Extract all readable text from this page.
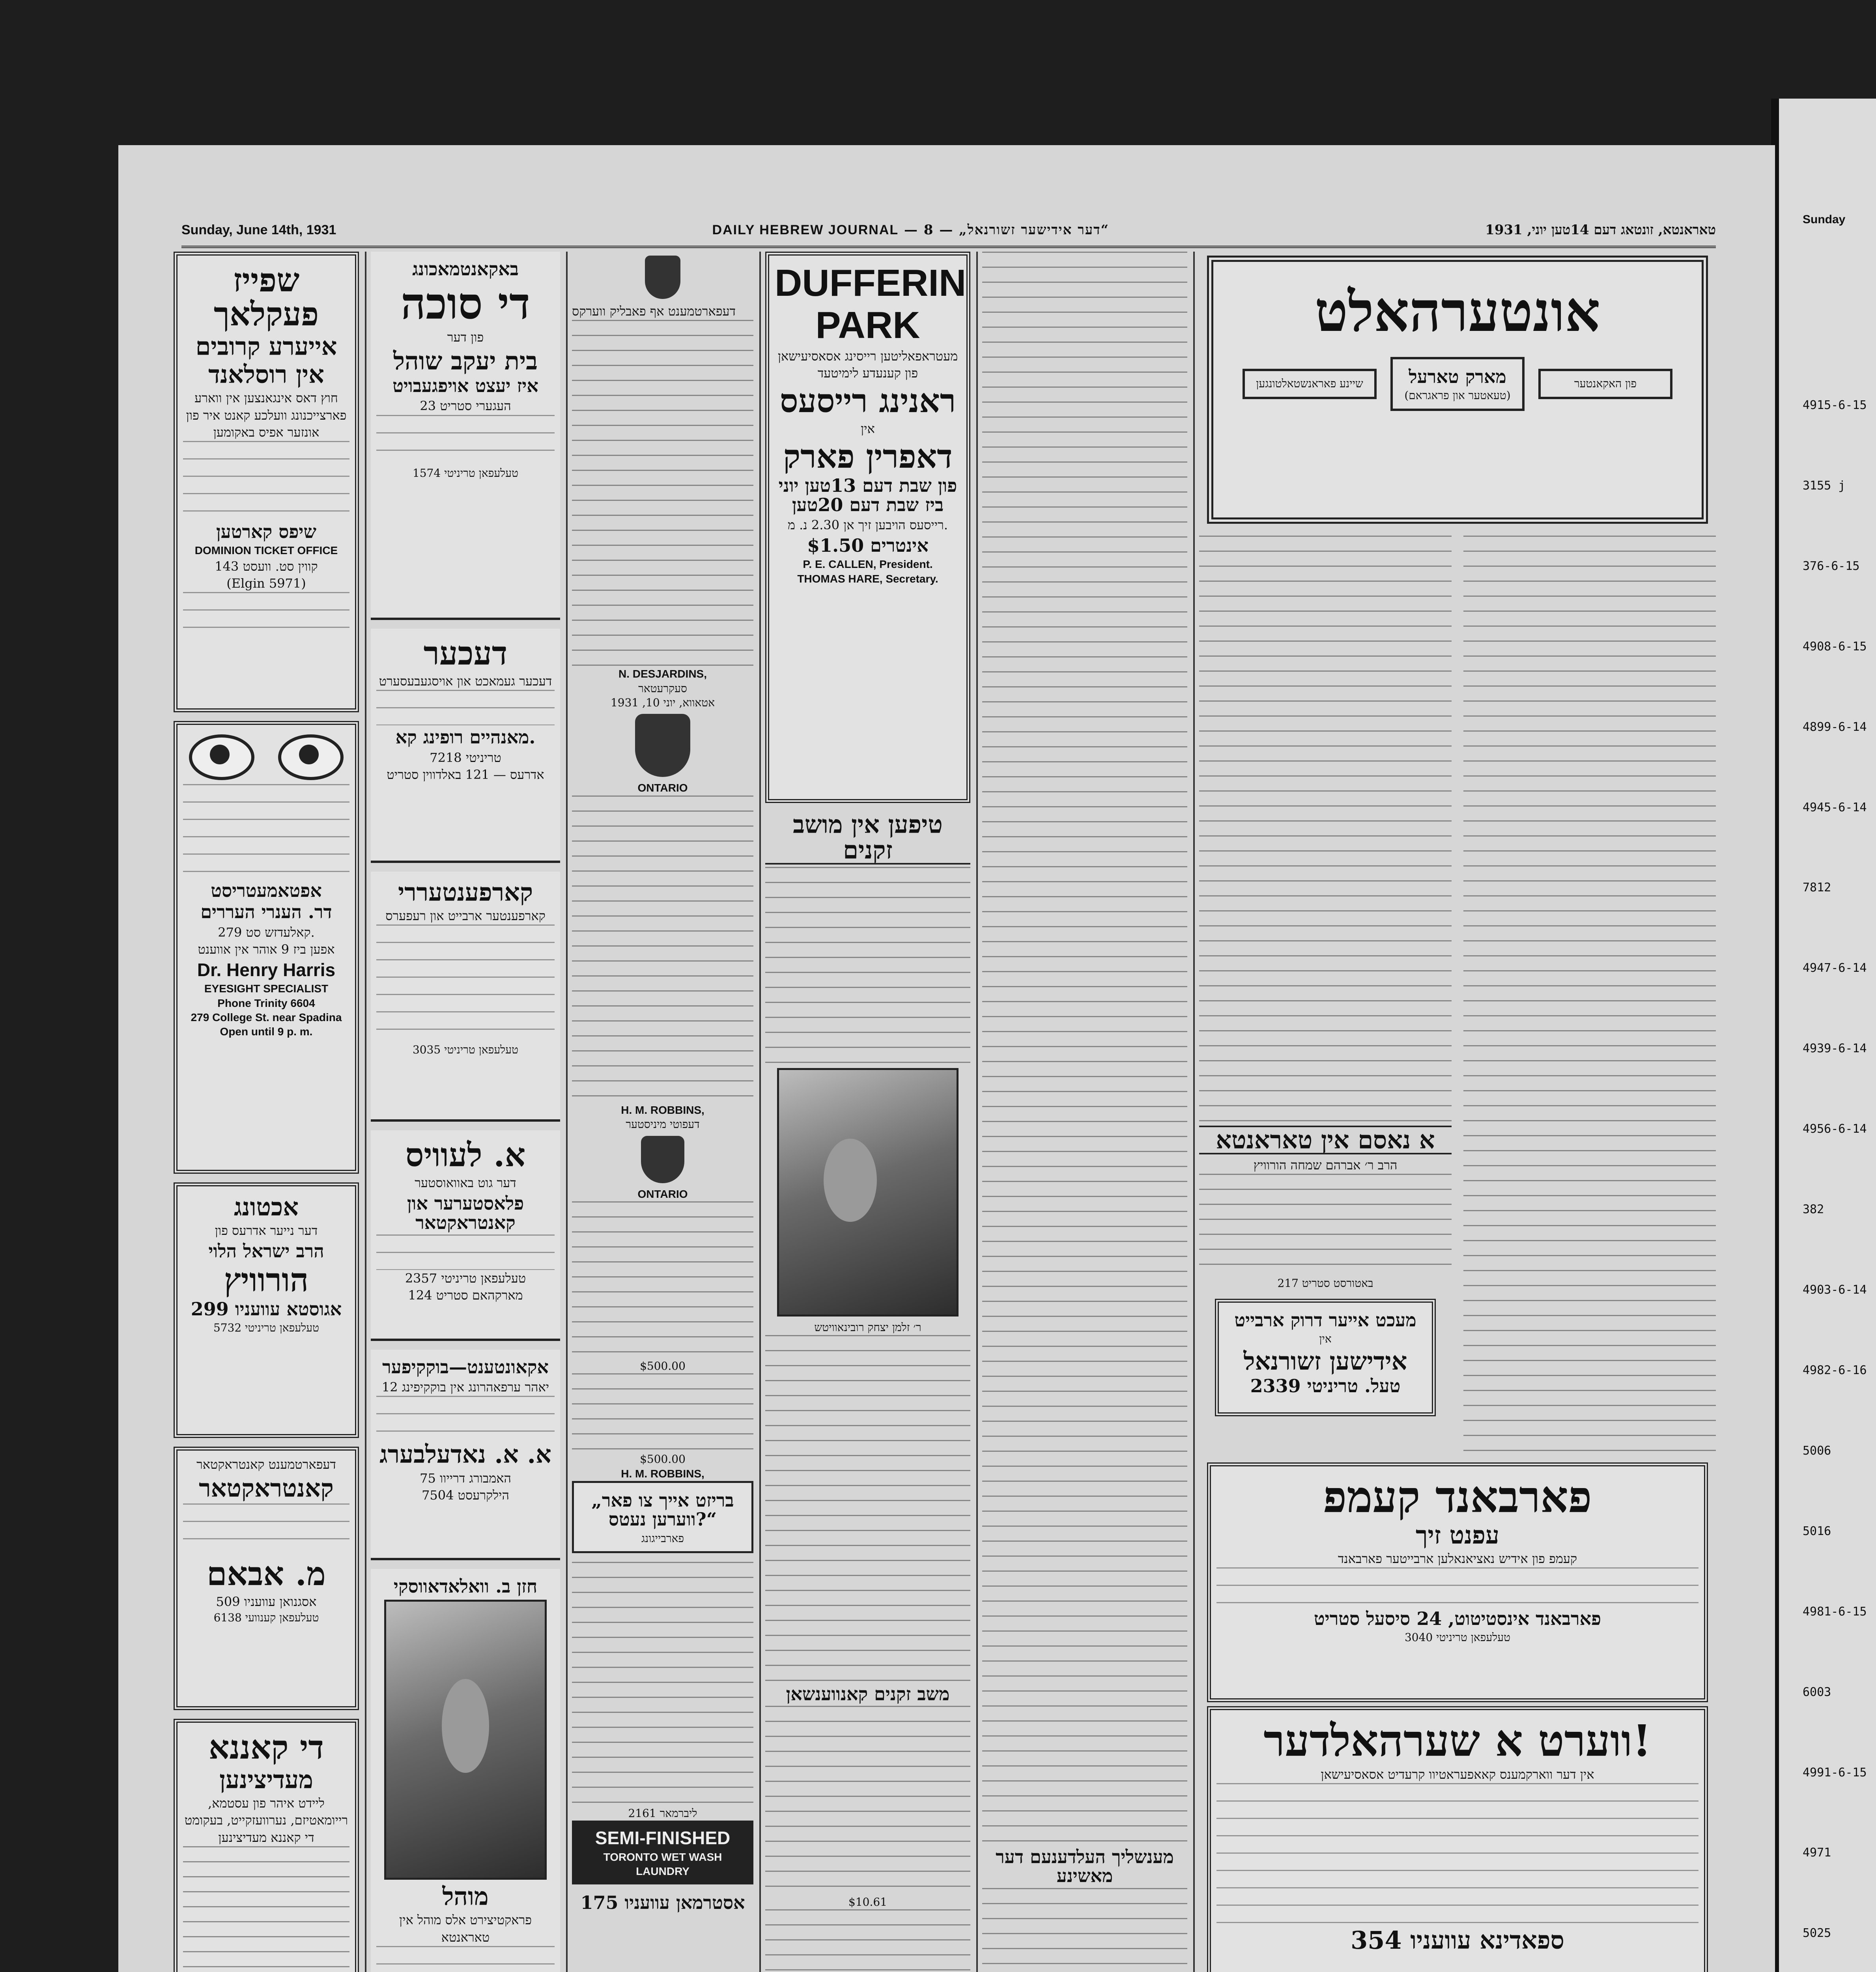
Sunday
4915-6-15
3155 j
376-6-15
4908-6-15
4899-6-14
4945-6-14
7812
4947-6-14
4939-6-14
4956-6-14
382
4903-6-14
4982-6-16
5006
5016
4981-6-15
6003
4991-6-15
4971
5025
Sunday, June 14th, 1931	DAILY HEBREW JOURNAL — 8 — „דער אידישער זשורנאל“	טאראנטא, זונטאג דעם 14טען יוני, 1931
שפייז פעקלאך
אייערע קרובים
אין רוסלאנד
חוץ דאס אינגאנצען אין ווארע פארצייכנונג וועלכע קאנט איר פון אונזער אפיס באקומען
שיפס קארטען
DOMINION TICKET OFFICE
143 קווין סט. וועסט
(Elgin 5971)
אפטאמעטריסט
דר. הענרי העררים
279 קאלעדזש סט.
אפען ביז 9 אוהר אין אווענט
Dr. Henry Harris
EYESIGHT SPECIALIST
Phone Trinity 6604
279 College St. near Spadina
Open until 9 p. m.
אכטונג
דער נייער אדרעס פון
הרב ישראל הלוי
הורוויץ
299 אגוסטא עוועניו
טעלעפאן טריניטי 5732
דעפארטמענט קאנטראקטאר
קאנטראקטאר
מ. אבאם
509 אסגנואן עוועניו
טעלעפאן קענוועי 6138
די קאננא
מעדיצינען
ליידט איהר פון עסטמא, רייומאטיזם, נערוועזקייט, בעקומט די קאננא מעדיצינען
באקאנטמאכונג
די סוכה
פון דער
בית יעקב שוהל
איז יעצט אויפגעבויט
23 העגערי סטריט
טעלעפאן טריניטי 1574
דעכער
דעכער געמאכט און אויסגעבעסערט
מאנהיים רופינג קא.
טריניטי 7218
אדרעס — 121 באלדווין סטריט
קארפענטעררי
קארפענטער ארבייט און רעפערס
טעלעפאן טריניטי 3035
א. לעוויס
דער גוט באוואוסטער
פלאסטערער און קאנטראקטאר
טעלעפאן טריניטי 2357
124 מארקהאם סטריט
אקאונטענט—בוקקיפער
12 יאהר ערפאהרונג אין בוקקיפינג
א. א. נאדעלבערג
75 האמבורג דרייוו
הילקרעסט 7504
חזן ב. וואלאדאווסקי
מוהל
פראקטיצירט אלס מוהל אין טאראנטא
דעפארטמענט אף פאבליק ווערקס
N. DESJARDINS,
סעקרעטאר
אטאווא, יוני 10, 1931
ONTARIO
H. M. ROBBINS,
דעפוטי מיניסטער
ONTARIO
$500.00
$500.00
H. M. ROBBINS,
„בריזט אייך צו פאר ווערען נעטס?“
פארבייגונג
ליברמאר 2161
SEMI-FINISHED
TORONTO WET WASH LAUNDRY
175 אסטרמאן עוועניו
DUFFERIN
PARK
מעטראפאליטען רייסינג אסאסיעישאן פון קענעדע לימיטעד
ראנינג רייסעס
אין
דאפרין פארק
פון שבת דעם 13טען יוני ביז שבת דעם 20טען
רייסעס הויבען זיך אן 2.30 נ. מ.
אינטרים $1.50
P. E. CALLEN, President.
THOMAS HARE, Secretary.
טיפען אין מושב זקנים
ר׳ זלמן יצחק רובינאוויטש
משב זקנים קאנווענשאן
$10.61
מענשליך העלדענעם דער מאשינע
אונטערהאלט
שיינע פאראנשטאלטונגען	מארק טארעל
(טעאטער און פראגראם)
פון האקאנטער
א נאסם אין טאראנטא
הרב ר׳ אברהם שמחה הורוויץ
217 באטורסט סטריט
מעכט אייער דרוק ארבייט
אין
אידישען זשורנאל
טעל. טריניטי 2339
פארבאנד קעמפ
עפנט זיך
קעמפ פון אידיש נאציאנאלען ארבייטער פארבאנד
פארבאנד אינסטיטוט, 24 סיסעל סטריט
טעלעפאן טריניטי 3040
ווערט א שערהאלדער!
אין דער ווארקמענס קאאפעראטיוו קרעדיט אסאסיעישאן
354 ספאדינא עוועניו
